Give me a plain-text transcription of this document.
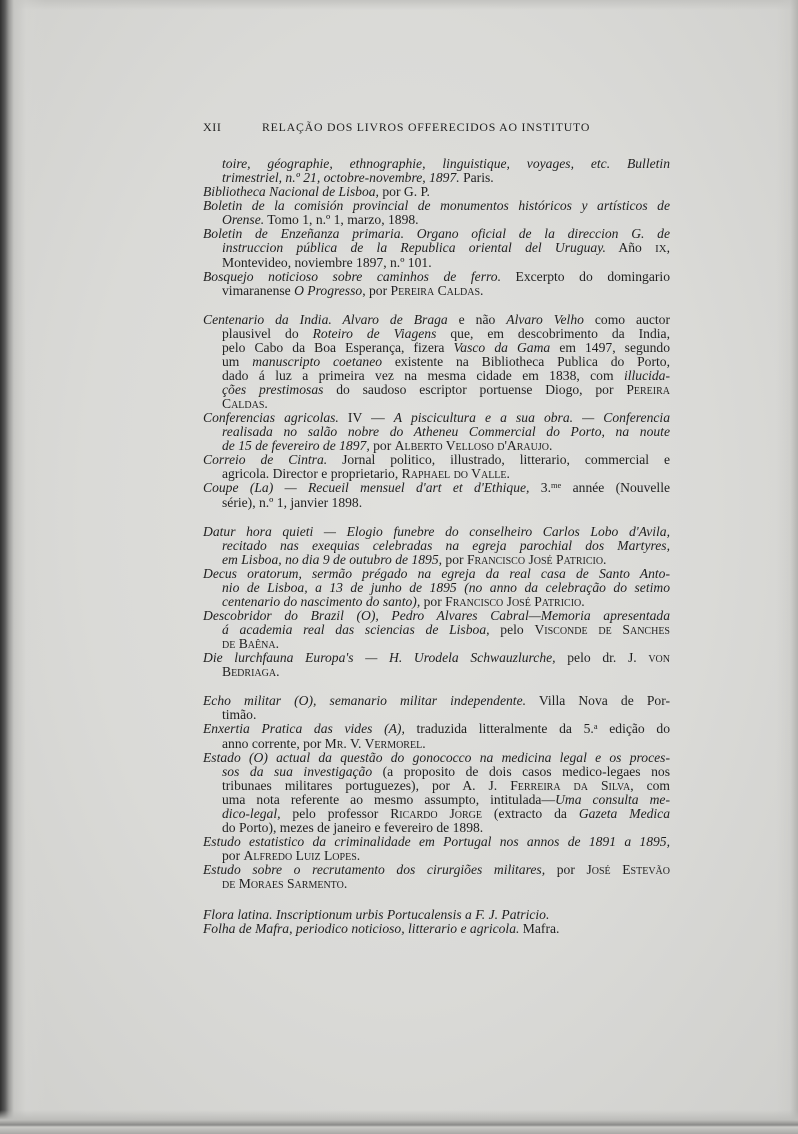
XII	RELAÇÃO DOS LIVROS OFFERECIDOS AO INSTITUTO
toire, géographie, ethnographie, linguistique, voyages, etc. Bulletin
trimestriel, n.º 21, octobre-novembre, 1897. Paris.
Bibliotheca Nacional de Lisboa, por G. P.
Boletin de la comisión provincial de monumentos históricos y artísticos de
Orense. Tomo 1, n.º 1, marzo, 1898.
Boletin de Enzeñanza primaria. Organo oficial de la direccion G. de
instruccion pública de la Republica oriental del Uruguay. Año IX,
Montevideo, noviembre 1897, n.º 101.
Bosquejo noticioso sobre caminhos de ferro. Excerpto do domingario
vimaranense O Progresso, por Pereira Caldas.
Centenario da India. Alvaro de Braga e não Alvaro Velho como auctor
plausivel do Roteiro de Viagens que, em descobrimento da India,
pelo Cabo da Boa Esperança, fizera Vasco da Gama em 1497, segundo
um manuscripto coetaneo existente na Bibliotheca Publica do Porto,
dado á luz a primeira vez na mesma cidade em 1838, com illucida-
ções prestimosas do saudoso escriptor portuense Diogo, por Pereira
Caldas.
Conferencias agricolas. IV — A piscicultura e a sua obra. — Conferencia
realisada no salão nobre do Atheneu Commercial do Porto, na noute
de 15 de fevereiro de 1897, por Alberto Velloso d'Araujo.
Correio de Cintra. Jornal politico, illustrado, litterario, commercial e
agricola. Director e proprietario, Raphael do Valle.
Coupe (La) — Recueil mensuel d'art et d'Ethique, 3.$^{me}$ année (Nouvelle
série), n.º 1, janvier 1898.
Datur hora quieti — Elogio funebre do conselheiro Carlos Lobo d'Avila,
recitado nas exequias celebradas na egreja parochial dos Martyres,
em Lisboa, no dia 9 de outubro de 1895, por Francisco José Patricio.
Decus oratorum, sermão prégado na egreja da real casa de Santo Anto-
nio de Lisboa, a 13 de junho de 1895 (no anno da celebração do setimo
centenario do nascimento do santo), por Francisco José Patricio.
Descobridor do Brazil (O), Pedro Alvares Cabral—Memoria apresentada
á academia real das sciencias de Lisboa, pelo Visconde de Sanches
de Baêna.
Die lurchfauna Europa's — H. Urodela Schwauzlurche, pelo dr. J. von
Bedriaga.
Echo militar (O), semanario militar independente. Villa Nova de Por-
timão.
Enxertia Pratica das vides (A), traduzida litteralmente da 5.$^a$ edição do
anno corrente, por Mr. V. Vermorel.
Estado (O) actual da questão do gonococco na medicina legal e os proces-
sos da sua investigação (a proposito de dois casos medico-legaes nos
tribunaes militares portuguezes), por A. J. Ferreira da Silva, com
uma nota referente ao mesmo assumpto, intitulada—Uma consulta me-
dico-legal, pelo professor Ricardo Jorge (extracto da Gazeta Medica
do Porto), mezes de janeiro e fevereiro de 1898.
Estudo estatistico da criminalidade em Portugal nos annos de 1891 a 1895,
por Alfredo Luiz Lopes.
Estudo sobre o recrutamento dos cirurgiões militares, por José Estevão
de Moraes Sarmento.
Flora latina. Inscriptionum urbis Portucalensis a F. J. Patricio.
Folha de Mafra, periodico noticioso, litterario e agricola. Mafra.
